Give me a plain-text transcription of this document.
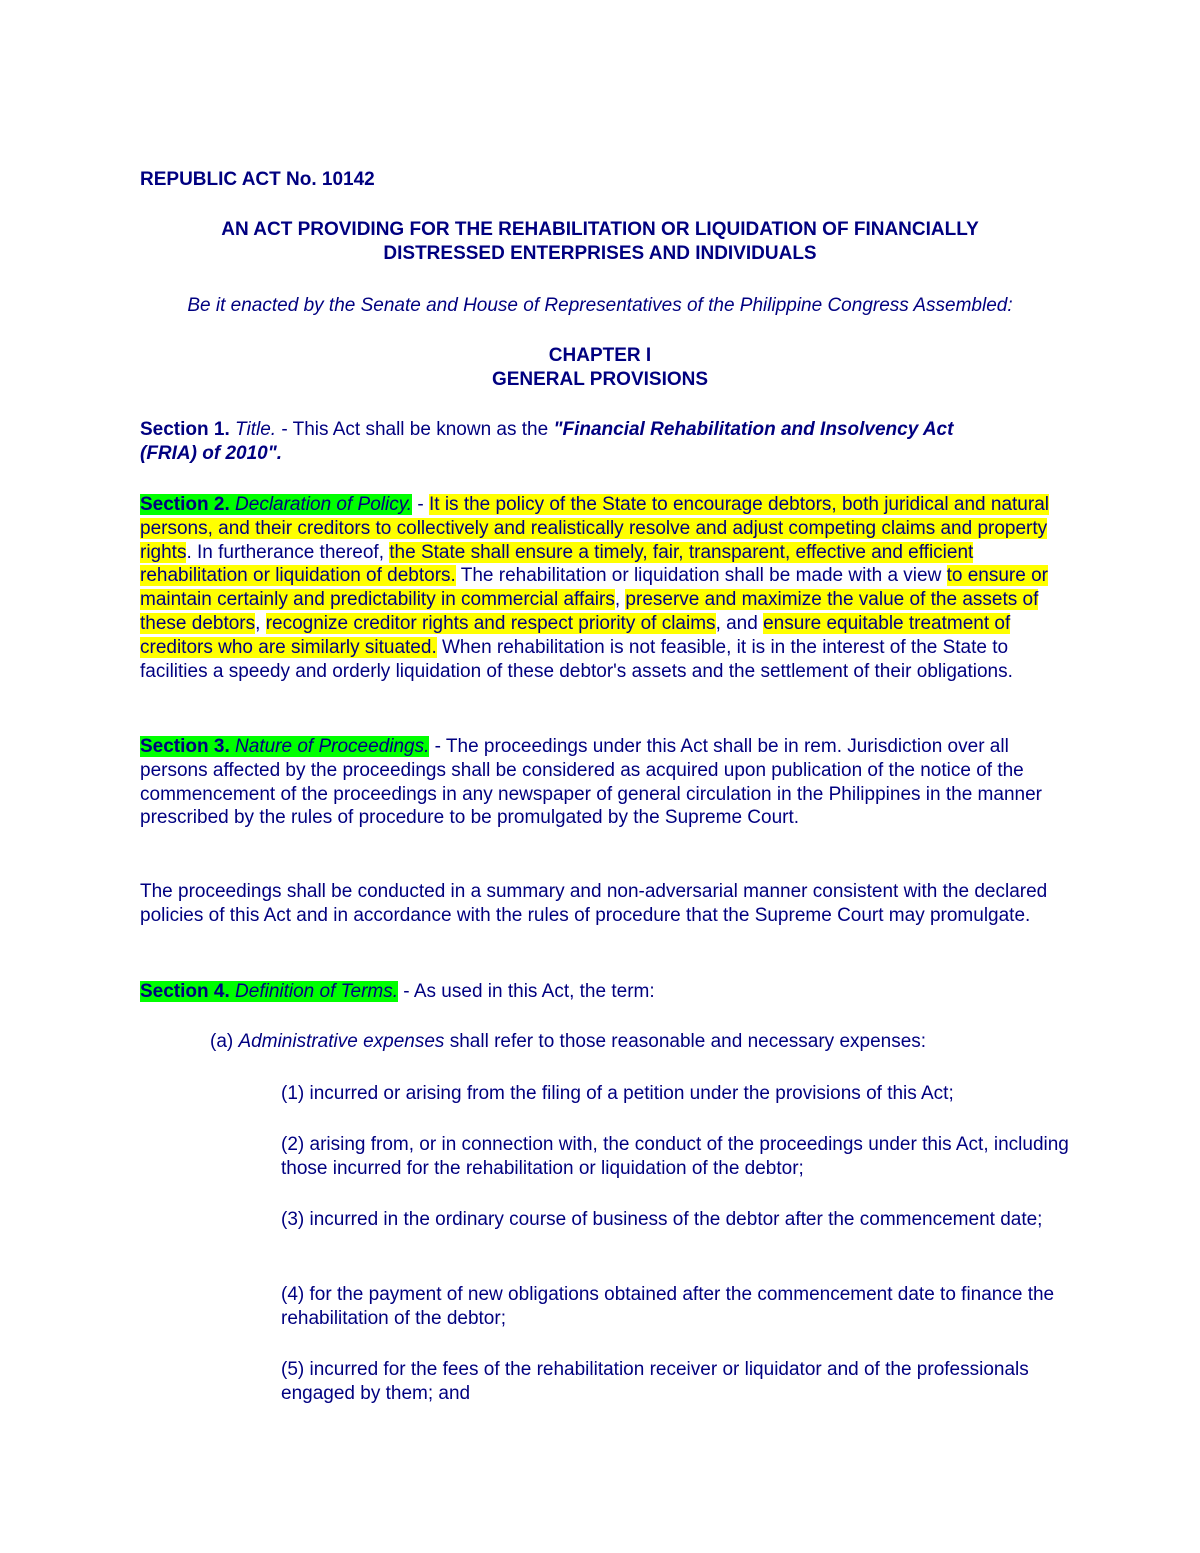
REPUBLIC ACT No. 10142
AN ACT PROVIDING FOR THE REHABILITATION OR LIQUIDATION OF FINANCIALLY
DISTRESSED ENTERPRISES AND INDIVIDUALS
Be it enacted by the Senate and House of Representatives of the Philippine Congress Assembled:
CHAPTER I
GENERAL PROVISIONS
Section 1. Title. - This Act shall be known as the "Financial Rehabilitation and Insolvency Act
(FRIA) of 2010".
Section 2. Declaration of Policy. - It is the policy of the State to encourage debtors, both juridical and natural persons, and their creditors to collectively and realistically resolve and adjust competing claims and property rights. In furtherance thereof, the State shall ensure a timely, fair, transparent, effective and efficient rehabilitation or liquidation of debtors. The rehabilitation or liquidation shall be made with a view to ensure or maintain certainly and predictability in commercial affairs, preserve and maximize the value of the assets of these debtors, recognize creditor rights and respect priority of claims, and ensure equitable treatment of creditors who are similarly situated. When rehabilitation is not feasible, it is in the interest of the State to facilities a speedy and orderly liquidation of these debtor's assets and the settlement of their obligations.
Section 3. Nature of Proceedings. - The proceedings under this Act shall be in rem. Jurisdiction over all persons affected by the proceedings shall be considered as acquired upon publication of the notice of the commencement of the proceedings in any newspaper of general circulation in the Philippines in the manner prescribed by the rules of procedure to be promulgated by the Supreme Court.
The proceedings shall be conducted in a summary and non-adversarial manner consistent with the declared policies of this Act and in accordance with the rules of procedure that the Supreme Court may promulgate.
Section 4. Definition of Terms. - As used in this Act, the term:
(a) Administrative expenses shall refer to those reasonable and necessary expenses:
(1) incurred or arising from the filing of a petition under the provisions of this Act;
(2) arising from, or in connection with, the conduct of the proceedings under this Act, including those incurred for the rehabilitation or liquidation of the debtor;
(3) incurred in the ordinary course of business of the debtor after the commencement date;
(4) for the payment of new obligations obtained after the commencement date to finance the rehabilitation of the debtor;
(5) incurred for the fees of the rehabilitation receiver or liquidator and of the professionals engaged by them; and
